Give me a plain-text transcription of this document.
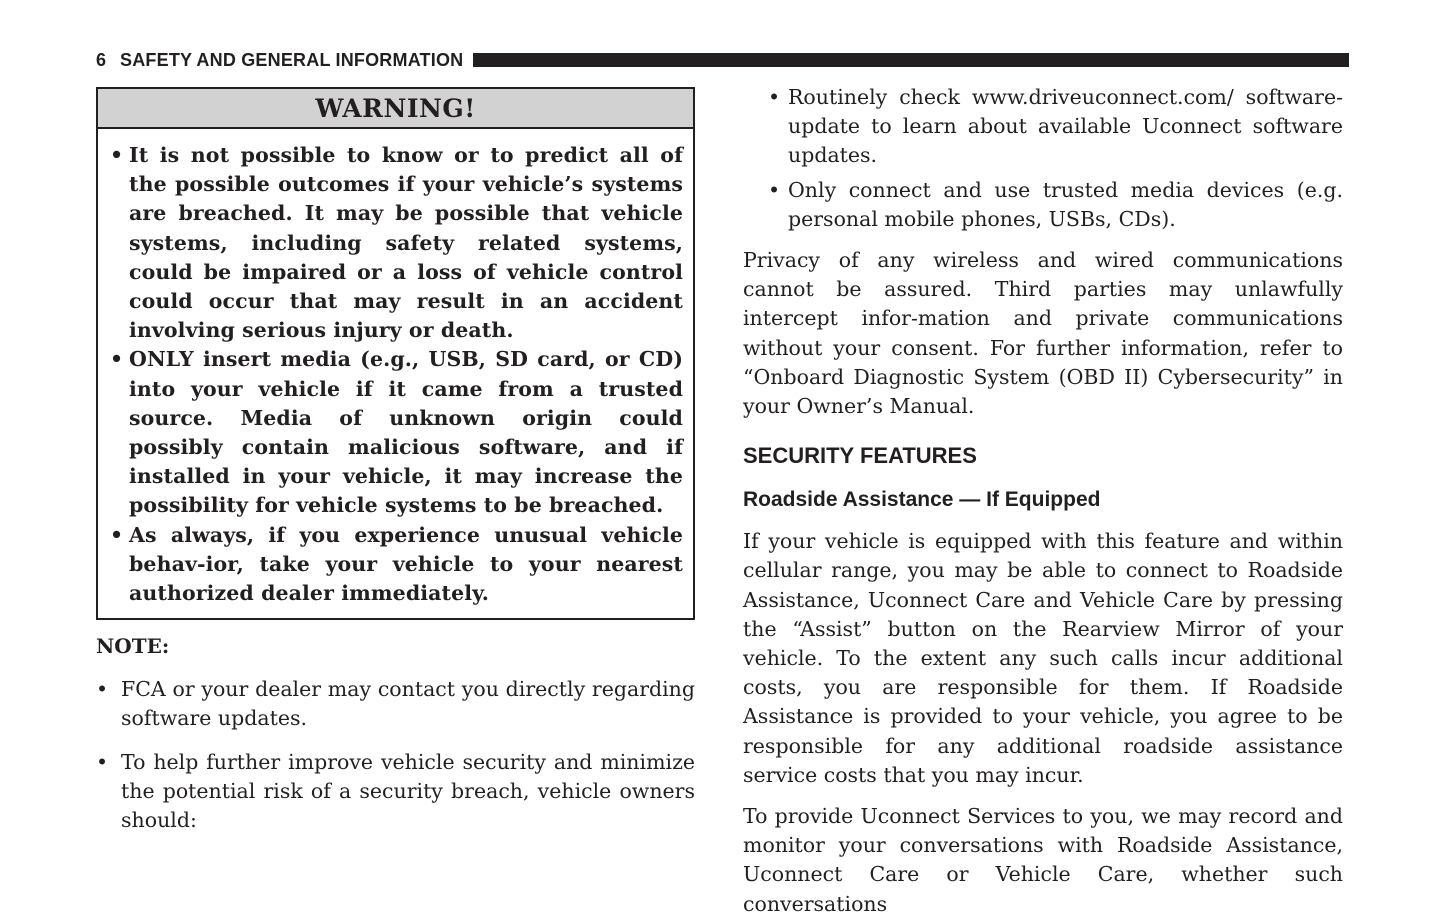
6 SAFETY AND GENERAL INFORMATION
WARNING!
• It is not possible to know or to predict all of the possible outcomes if your vehicle’s systems are breached. It may be possible that vehicle systems, including safety related systems, could be impaired or a loss of vehicle control could occur that may result in an accident involving serious injury or death.
• ONLY insert media (e.g., USB, SD card, or CD) into your vehicle if it came from a trusted source. Media of unknown origin could possibly contain malicious software, and if installed in your vehicle, it may increase the possibility for vehicle systems to be breached.
• As always, if you experience unusual vehicle behav-ior, take your vehicle to your nearest authorized dealer immediately.
NOTE:
• FCA or your dealer may contact you directly regarding software updates.
• To help further improve vehicle security and minimize the potential risk of a security breach, vehicle owners should:
• Routinely check www.driveuconnect.com/ software-update to learn about available Uconnect software updates.
• Only connect and use trusted media devices (e.g. personal mobile phones, USBs, CDs).

Privacy of any wireless and wired communications cannot be assured. Third parties may unlawfully intercept infor-mation and private communications without your consent. For further information, refer to “Onboard Diagnostic System (OBD II) Cybersecurity” in your Owner’s Manual.

SECURITY FEATURES
Roadside Assistance — If Equipped

If your vehicle is equipped with this feature and within cellular range, you may be able to connect to Roadside Assistance, Uconnect Care and Vehicle Care by pressing the “Assist” button on the Rearview Mirror of your vehicle. To the extent any such calls incur additional costs, you are responsible for them. If Roadside Assistance is provided to your vehicle, you agree to be responsible for any additional roadside assistance service costs that you may incur.

To provide Uconnect Services to you, we may record and monitor your conversations with Roadside Assistance, Uconnect Care or Vehicle Care, whether such conversations
